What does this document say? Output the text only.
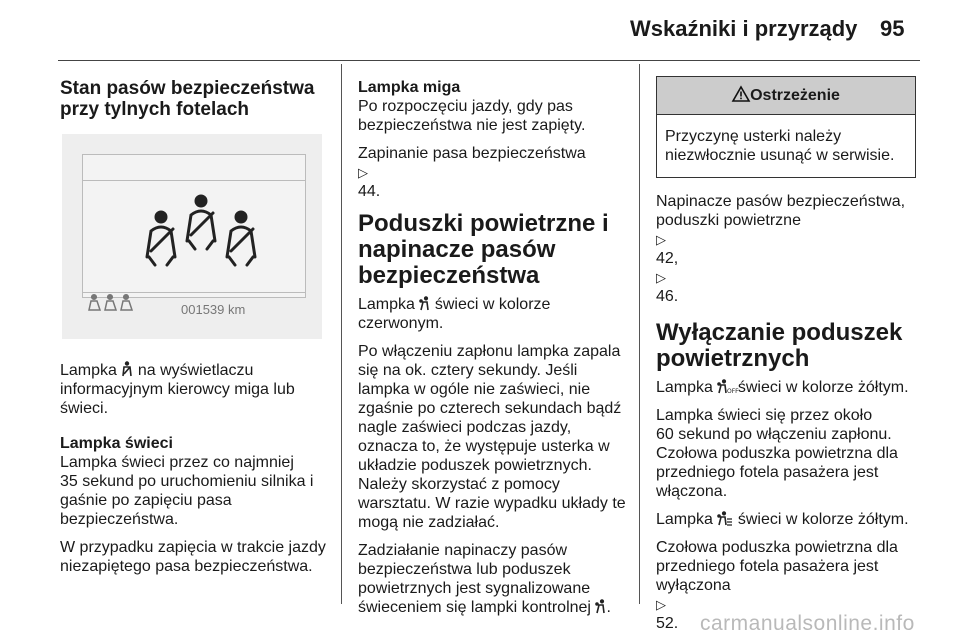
Wskaźniki i przyrządy 95
Stan pasów bezpieczeństwa
przy tylnych fotelach
001539 km

Lampka na wyświetlaczu
informacyjnym kierowcy miga lub
świeci.

Lampka świeci
Lampka świeci przez co najmniej
35 sekund po uruchomieniu silnika i
gaśnie po zapięciu pasa
bezpieczeństwa.

W przypadku zapięcia w trakcie jazdy
niezapiętego pasa bezpieczeństwa.

Lampka miga
Po rozpoczęciu jazdy, gdy pas
bezpieczeństwa nie jest zapięty.

Zapinanie pasa bezpieczeństwa
▷
44.

Poduszki powietrzne i
napinacze pasów
bezpieczeństwa

Lampka świeci w kolorze
czerwonym.

Po włączeniu zapłonu lampka zapala
się na ok. cztery sekundy. Jeśli
lampka w ogóle nie zaświeci, nie
zgaśnie po czterech sekundach bądź
nagle zaświeci podczas jazdy,
oznacza to, że występuje usterka w
układzie poduszek powietrznych.
Należy skorzystać z pomocy
warsztatu. W razie wypadku układy te
mogą nie zadziałać.

Zadziałanie napinaczy pasów
bezpieczeństwa lub poduszek
powietrznych jest sygnalizowane
świeceniem się lampki kontrolnej .

Ostrzeżenie
Przyczynę usterki należy
niezwłocznie usunąć w serwisie.

Napinacze pasów bezpieczeństwa,
poduszki powietrzne
▷
42,
▷
46.

Wyłączanie poduszek
powietrznych

Lampka OFF
świeci w kolorze żółtym.

Lampka świeci się przez około
60 sekund po włączeniu zapłonu.
Czołowa poduszka powietrzna dla
przedniego fotela pasażera jest
włączona.

Lampka świeci w kolorze żółtym.

Czołowa poduszka powietrzna dla
przedniego fotela pasażera jest
wyłączona
▷
52.	carmanualsonline.info
